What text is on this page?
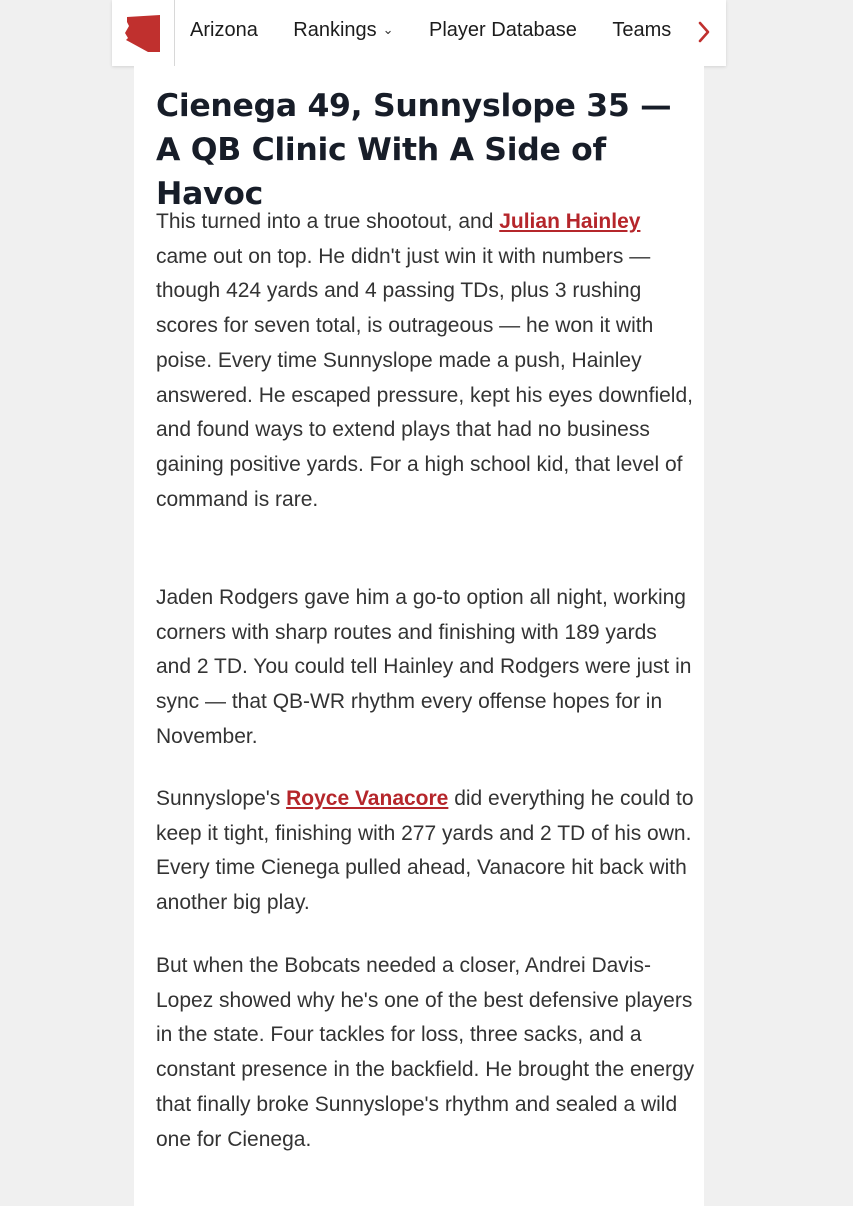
Arizona Rankings ⌄ Player Database Teams
Cienega 49, Sunnyslope 35 — A QB Clinic With A Side of Havoc

This turned into a true shootout, and Julian Hainley came out on top. He didn't just win it with numbers — though 424 yards and 4 passing TDs, plus 3 rushing scores for seven total, is outrageous — he won it with poise. Every time Sunnyslope made a push, Hainley answered. He escaped pressure, kept his eyes downfield, and found ways to extend plays that had no business gaining positive yards. For a high school kid, that level of command is rare.

Jaden Rodgers gave him a go-to option all night, working corners with sharp routes and finishing with 189 yards and 2 TD. You could tell Hainley and Rodgers were just in sync — that QB-WR rhythm every offense hopes for in November.

Sunnyslope's Royce Vanacore did everything he could to keep it tight, finishing with 277 yards and 2 TD of his own. Every time Cienega pulled ahead, Vanacore hit back with another big play.

But when the Bobcats needed a closer, Andrei Davis-Lopez showed why he's one of the best defensive players in the state. Four tackles for loss, three sacks, and a constant presence in the backfield. He brought the energy that finally broke Sunnyslope's rhythm and sealed a wild one for Cienega.
